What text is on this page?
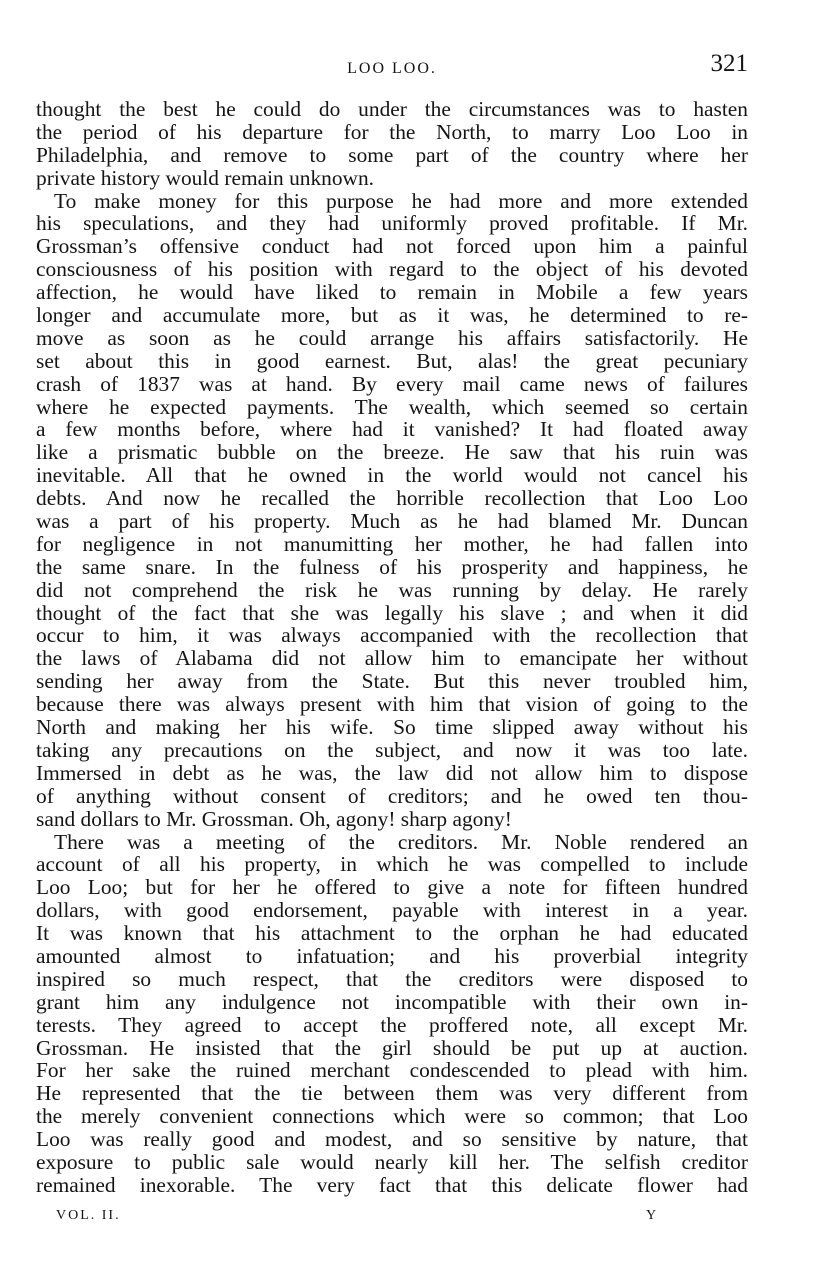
LOO LOO.	321
thought the best he could do under the circumstances was to hasten
the period of his departure for the North, to marry Loo Loo in
Philadelphia, and remove to some part of the country where her
private history would remain unknown.
To make money for this purpose he had more and more extended
his speculations, and they had uniformly proved profitable. If Mr.
Grossman’s offensive conduct had not forced upon him a painful
consciousness of his position with regard to the object of his devoted
affection, he would have liked to remain in Mobile a few years
longer and accumulate more, but as it was, he determined to re-
move as soon as he could arrange his affairs satisfactorily. He
set about this in good earnest. But, alas! the great pecuniary
crash of 1837 was at hand. By every mail came news of failures
where he expected payments. The wealth, which seemed so certain
a few months before, where had it vanished? It had floated away
like a prismatic bubble on the breeze. He saw that his ruin was
inevitable. All that he owned in the world would not cancel his
debts. And now he recalled the horrible recollection that Loo Loo
was a part of his property. Much as he had blamed Mr. Duncan
for negligence in not manumitting her mother, he had fallen into
the same snare. In the fulness of his prosperity and happiness, he
did not comprehend the risk he was running by delay. He rarely
thought of the fact that she was legally his slave ; and when it did
occur to him, it was always accompanied with the recollection that
the laws of Alabama did not allow him to emancipate her without
sending her away from the State. But this never troubled him,
because there was always present with him that vision of going to the
North and making her his wife. So time slipped away without his
taking any precautions on the subject, and now it was too late.
Immersed in debt as he was, the law did not allow him to dispose
of anything without consent of creditors; and he owed ten thou-
sand dollars to Mr. Grossman. Oh, agony! sharp agony!
There was a meeting of the creditors. Mr. Noble rendered an
account of all his property, in which he was compelled to include
Loo Loo; but for her he offered to give a note for fifteen hundred
dollars, with good endorsement, payable with interest in a year.
It was known that his attachment to the orphan he had educated
amounted almost to infatuation; and his proverbial integrity
inspired so much respect, that the creditors were disposed to
grant him any indulgence not incompatible with their own in-
terests. They agreed to accept the proffered note, all except Mr.
Grossman. He insisted that the girl should be put up at auction.
For her sake the ruined merchant condescended to plead with him.
He represented that the tie between them was very different from
the merely convenient connections which were so common; that Loo
Loo was really good and modest, and so sensitive by nature, that
exposure to public sale would nearly kill her. The selfish creditor
remained inexorable. The very fact that this delicate flower had
VOL. II.	Y
